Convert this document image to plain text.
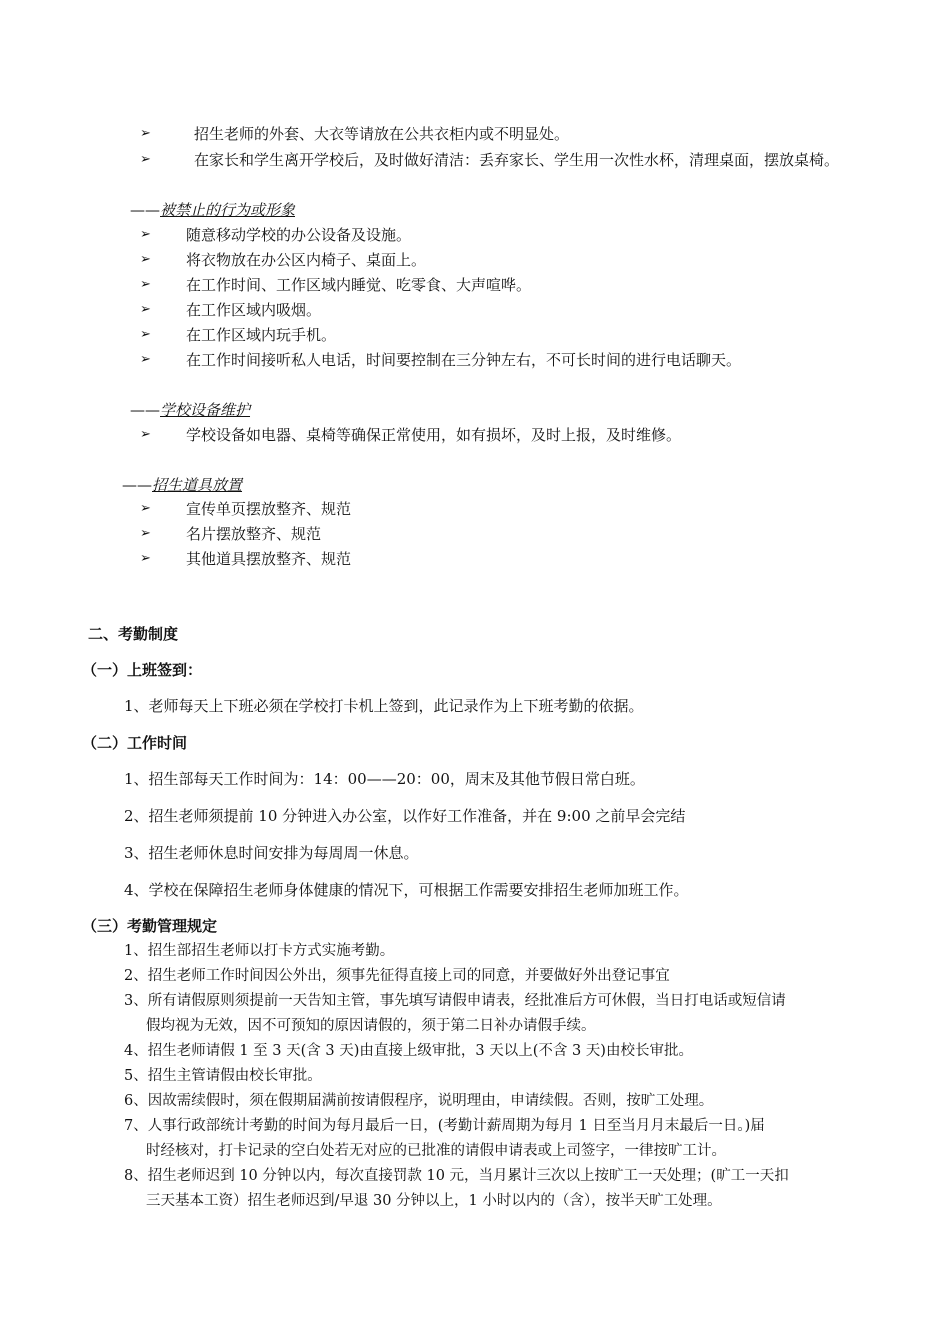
➢	招生老师的外套、大衣等请放在公共衣柜内或不明显处。
➢	在家长和学生离开学校后，及时做好清洁：丢弃家长、学生用一次性水杯，清理桌面，摆放桌椅。
——被禁止的行为或形象
➢ 随意移动学校的办公设备及设施。
➢ 将衣物放在办公区内椅子、桌面上。
➢ 在工作时间、工作区域内睡觉、吃零食、大声喧哗。
➢ 在工作区域内吸烟。
➢ 在工作区域内玩手机。
➢ 在工作时间接听私人电话，时间要控制在三分钟左右，不可长时间的进行电话聊天。
——学校设备维护
➢ 学校设备如电器、桌椅等确保正常使用，如有损坏，及时上报，及时维修。
——招生道具放置
➢ 宣传单页摆放整齐、规范
➢ 名片摆放整齐、规范
➢ 其他道具摆放整齐、规范
二、考勤制度
（一）上班签到：
1、老师每天上下班必须在学校打卡机上签到，此记录作为上下班考勤的依据。
（二）工作时间
1、招生部每天工作时间为：14：00——20：00，周末及其他节假日常白班。
2、招生老师须提前 10 分钟进入办公室，以作好工作准备，并在 9:00 之前早会完结
3、招生老师休息时间安排为每周周一休息。
4、学校在保障招生老师身体健康的情况下，可根据工作需要安排招生老师加班工作。
（三）考勤管理规定
1、招生部招生老师以打卡方式实施考勤。
2、招生老师工作时间因公外出，须事先征得直接上司的同意，并要做好外出登记事宜
3、所有请假原则须提前一天告知主管，事先填写请假申请表，经批准后方可休假，当日打电话或短信请
假均视为无效，因不可预知的原因请假的，须于第二日补办请假手续。
4、招生老师请假 1 至 3 天(含 3 天)由直接上级审批，3 天以上(不含 3 天)由校长审批。
5、招生主管请假由校长审批。
6、因故需续假时，须在假期届满前按请假程序，说明理由，申请续假。否则，按旷工处理。
7、人事行政部统计考勤的时间为每月最后一日，(考勤计薪周期为每月 1 日至当月月末最后一日。)届
时经核对，打卡记录的空白处若无对应的已批准的请假申请表或上司签字，一律按旷工计。
8、招生老师迟到 10 分钟以内，每次直接罚款 10 元，当月累计三次以上按旷工一天处理；(旷工一天扣
三天基本工资）招生老师迟到/早退 30 分钟以上，1 小时以内的（含），按半天旷工处理。
